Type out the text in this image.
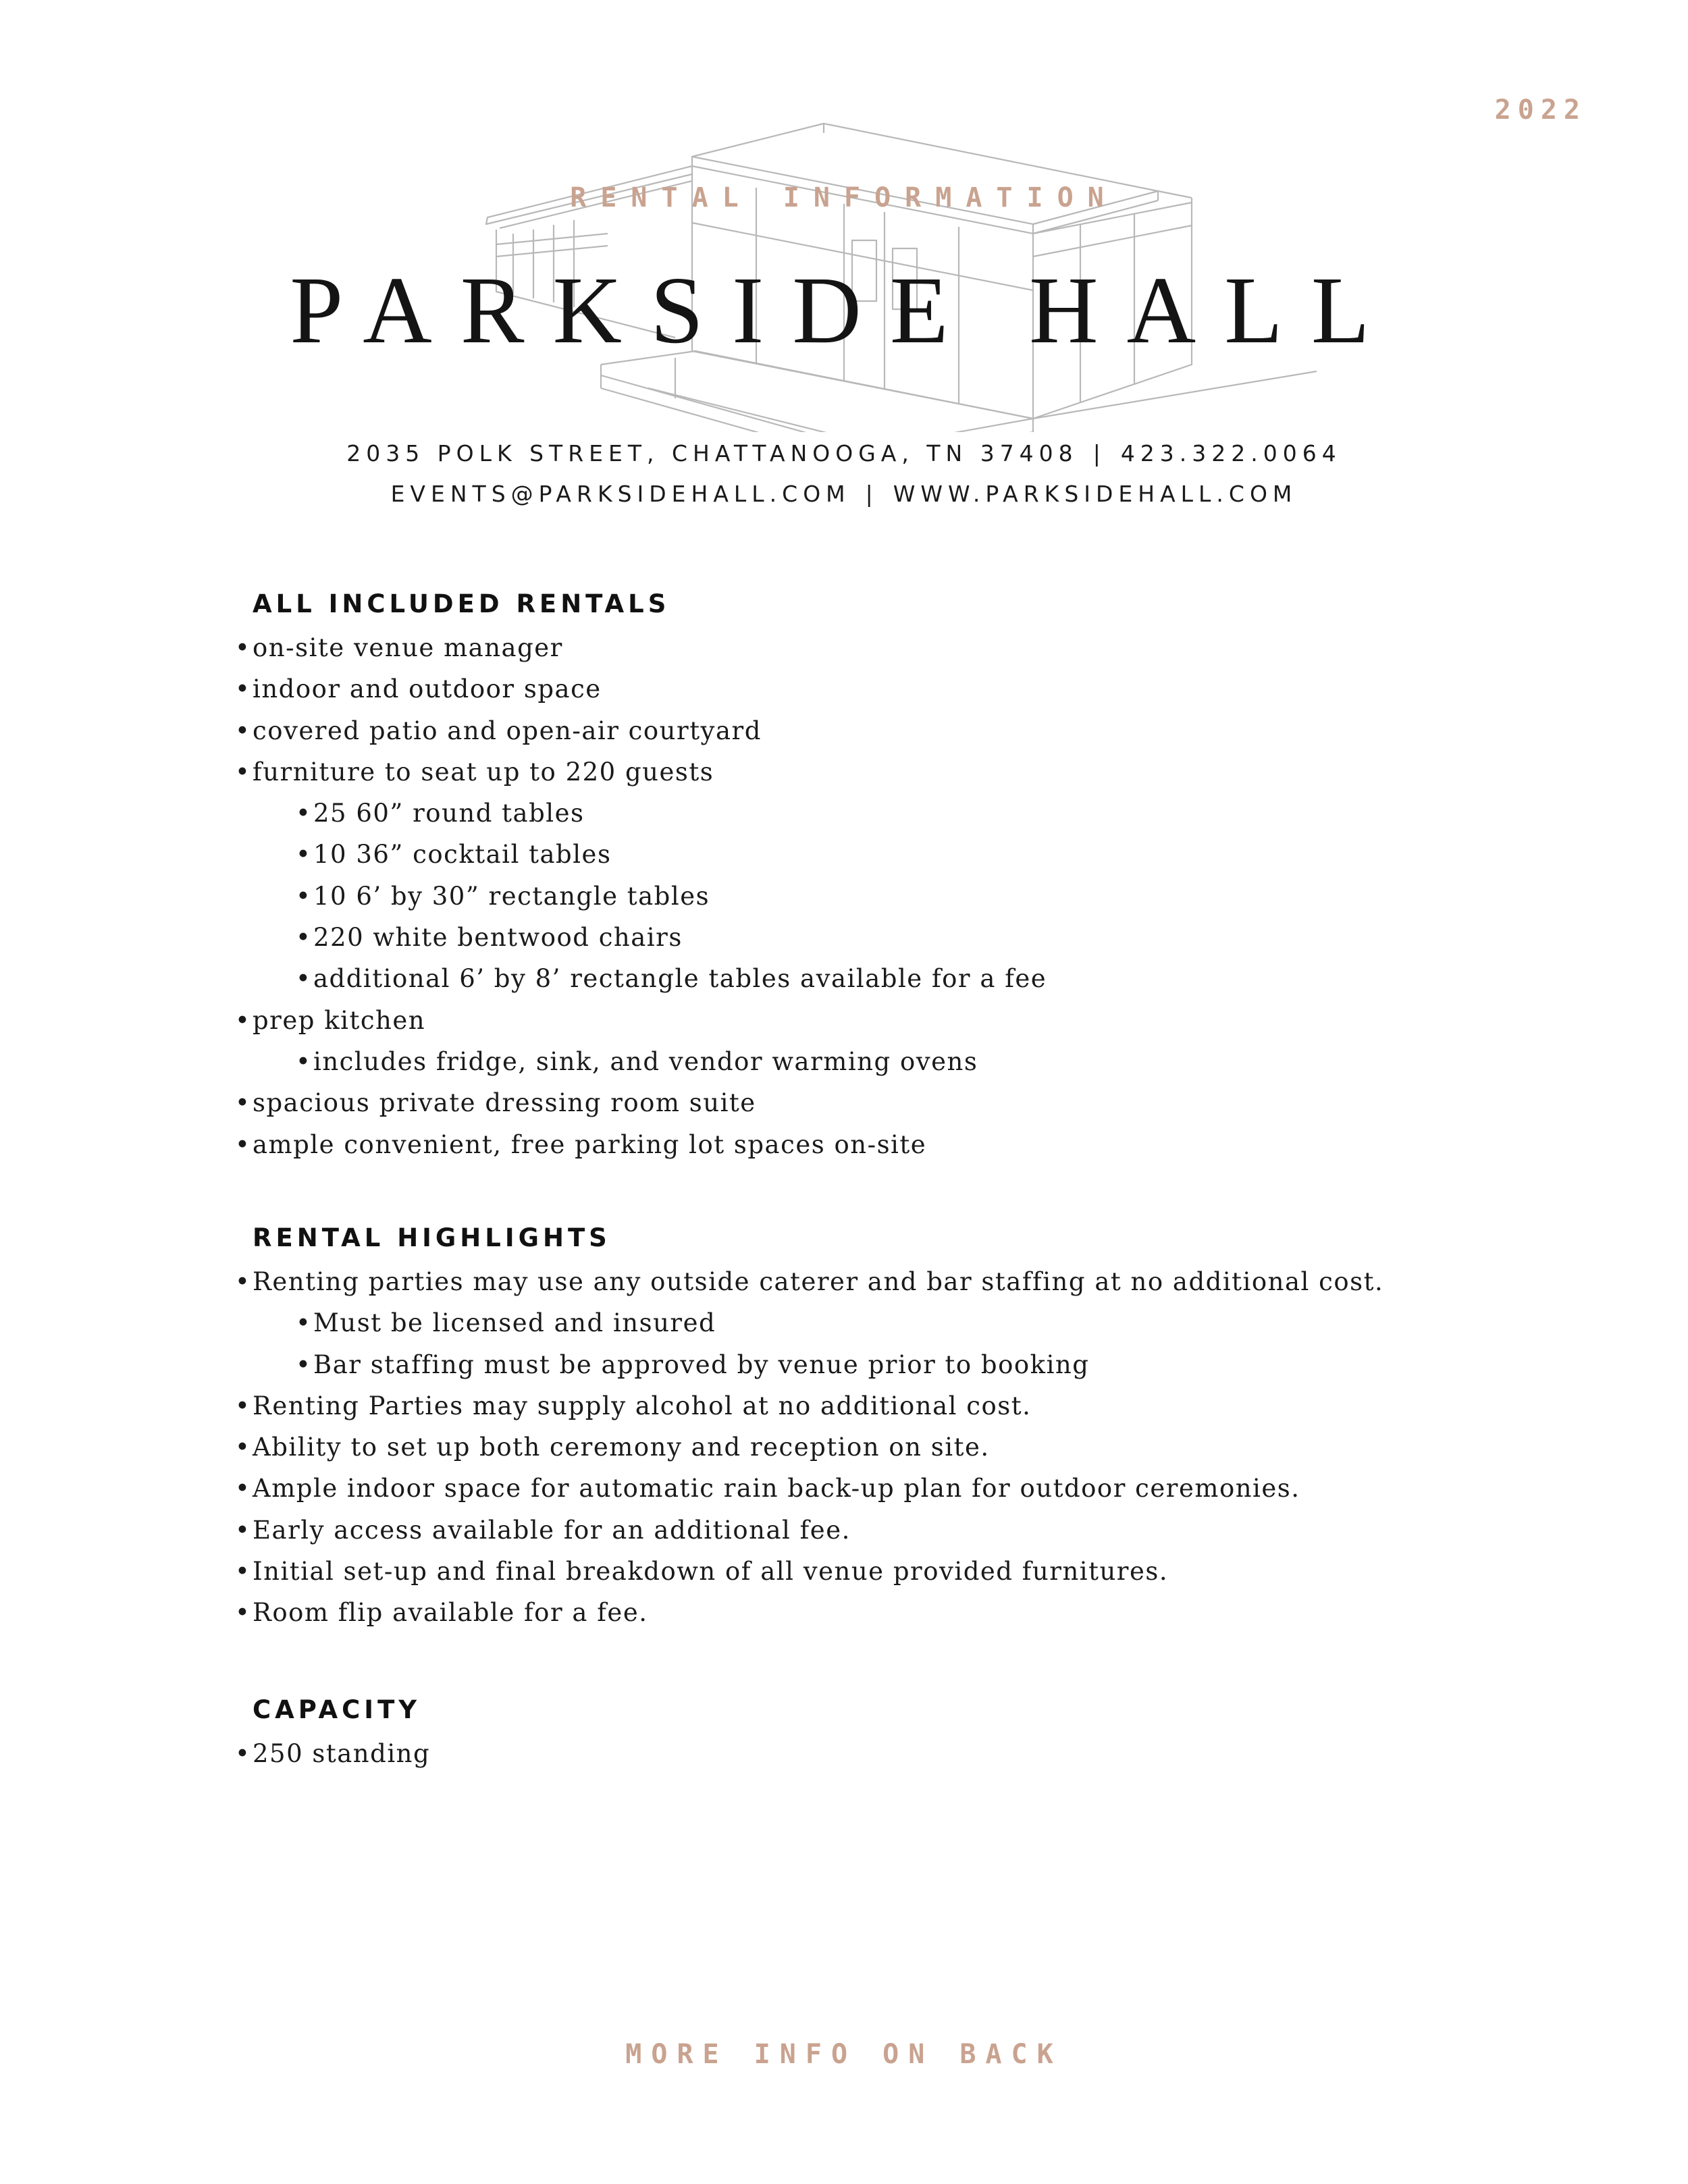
2022
RENTAL INFORMATION
PARKSIDE HALL
2035 POLK STREET, CHATTANOOGA, TN 37408 | 423.322.0064
EVENTS@PARKSIDEHALL.COM | WWW.PARKSIDEHALL.COM
ALL INCLUDED RENTALS
•on-site venue manager
•indoor and outdoor space
•covered patio and open-air courtyard
•furniture to seat up to 220 guests
•25 60” round tables
•10 36” cocktail tables
•10 6’ by 30” rectangle tables
•220 white bentwood chairs
•additional 6’ by 8’ rectangle tables available for a fee
•prep kitchen
•includes fridge, sink, and vendor warming ovens
•spacious private dressing room suite
•ample convenient, free parking lot spaces on-site
RENTAL HIGHLIGHTS
•Renting parties may use any outside caterer and bar staffing at no additional cost.
•Must be licensed and insured
•Bar staffing must be approved by venue prior to booking
•Renting Parties may supply alcohol at no additional cost.
•Ability to set up both ceremony and reception on site.
•Ample indoor space for automatic rain back-up plan for outdoor ceremonies.
•Early access available for an additional fee.
•Initial set-up and final breakdown of all venue provided furnitures.
•Room flip available for a fee.
CAPACITY
•250 standing
MORE INFO ON BACK
